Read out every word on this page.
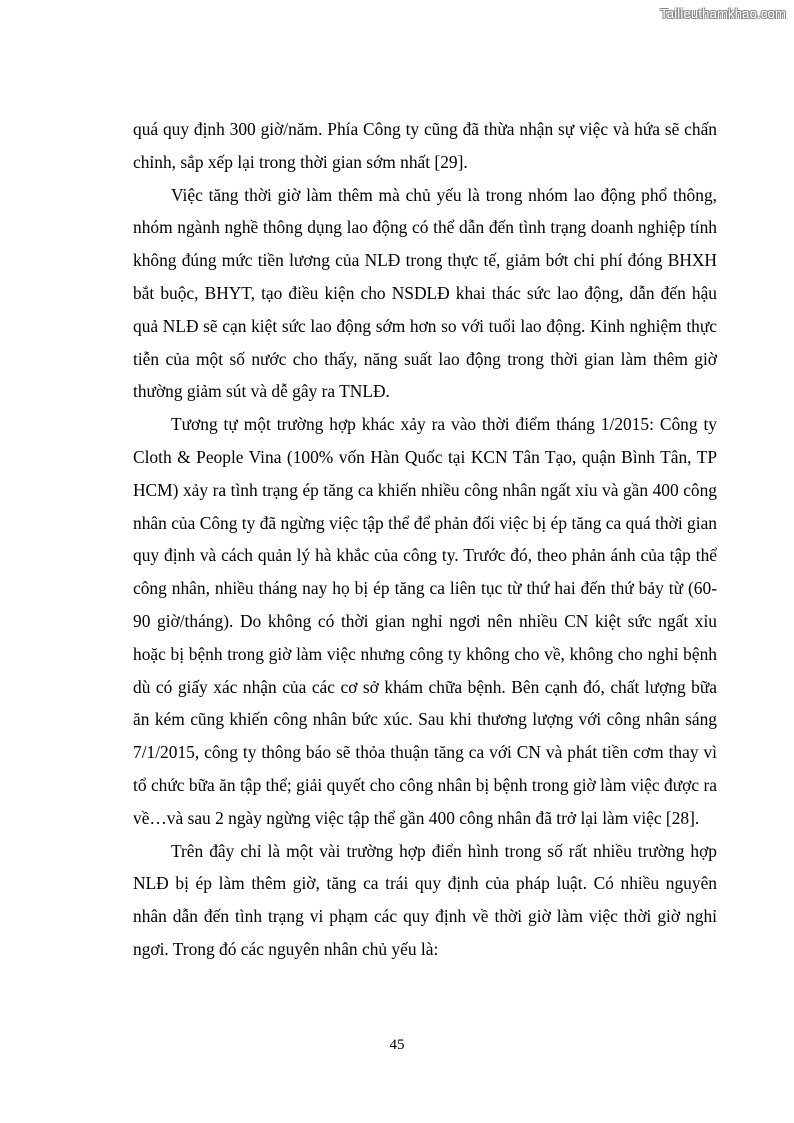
Tailieuthamkhao.com

quá quy định 300 giờ/năm. Phía Công ty cũng đã thừa nhận sự việc và hứa sẽ chấn chỉnh, sắp xếp lại trong thời gian sớm nhất [29].

Việc tăng thời giờ làm thêm mà chủ yếu là trong nhóm lao động phổ thông, nhóm ngành nghề thông dụng lao động có thể dẫn đến tình trạng doanh nghiệp tính không đúng mức tiền lương của NLĐ trong thực tế, giảm bớt chi phí đóng BHXH bắt buộc, BHYT, tạo điều kiện cho NSDLĐ khai thác sức lao động, dẫn đến hậu quả NLĐ sẽ cạn kiệt sức lao động sớm hơn so với tuổi lao động. Kinh nghiệm thực tiễn của một số nước cho thấy, năng suất lao động trong thời gian làm thêm giờ thường giảm sút và dễ gây ra TNLĐ.

Tương tự một trường hợp khác xảy ra vào thời điểm tháng 1/2015: Công ty Cloth & People Vina (100% vốn Hàn Quốc tại KCN Tân Tạo, quận Bình Tân, TP HCM) xảy ra tình trạng ép tăng ca khiến nhiều công nhân ngất xỉu và gần 400 công nhân của Công ty đã ngừng việc tập thể để phản đối việc bị ép tăng ca quá thời gian quy định và cách quản lý hà khắc của công ty. Trước đó, theo phản ánh của tập thể công nhân, nhiều tháng nay họ bị ép tăng ca liên tục từ thứ hai đến thứ bảy từ (60-90 giờ/tháng). Do không có thời gian nghỉ ngơi nên nhiều CN kiệt sức ngất xỉu hoặc bị bệnh trong giờ làm việc nhưng công ty không cho về, không cho nghỉ bệnh dù có giấy xác nhận của các cơ sở khám chữa bệnh. Bên cạnh đó, chất lượng bữa ăn kém cũng khiến công nhân bức xúc. Sau khi thương lượng với công nhân sáng 7/1/2015, công ty thông báo sẽ thỏa thuận tăng ca với CN và phát tiền cơm thay vì tổ chức bữa ăn tập thể; giải quyết cho công nhân bị bệnh trong giờ làm việc được ra về…và sau 2 ngày ngừng việc tập thể gần 400 công nhân đã trở lại làm việc [28].

Trên đây chỉ là một vài trường hợp điển hình trong số rất nhiều trường hợp NLĐ bị ép làm thêm giờ, tăng ca trái quy định của pháp luật. Có nhiều nguyên nhân dẫn đến tình trạng vi phạm các quy định về thời giờ làm việc thời giờ nghỉ ngơi. Trong đó các nguyên nhân chủ yếu là:

45
